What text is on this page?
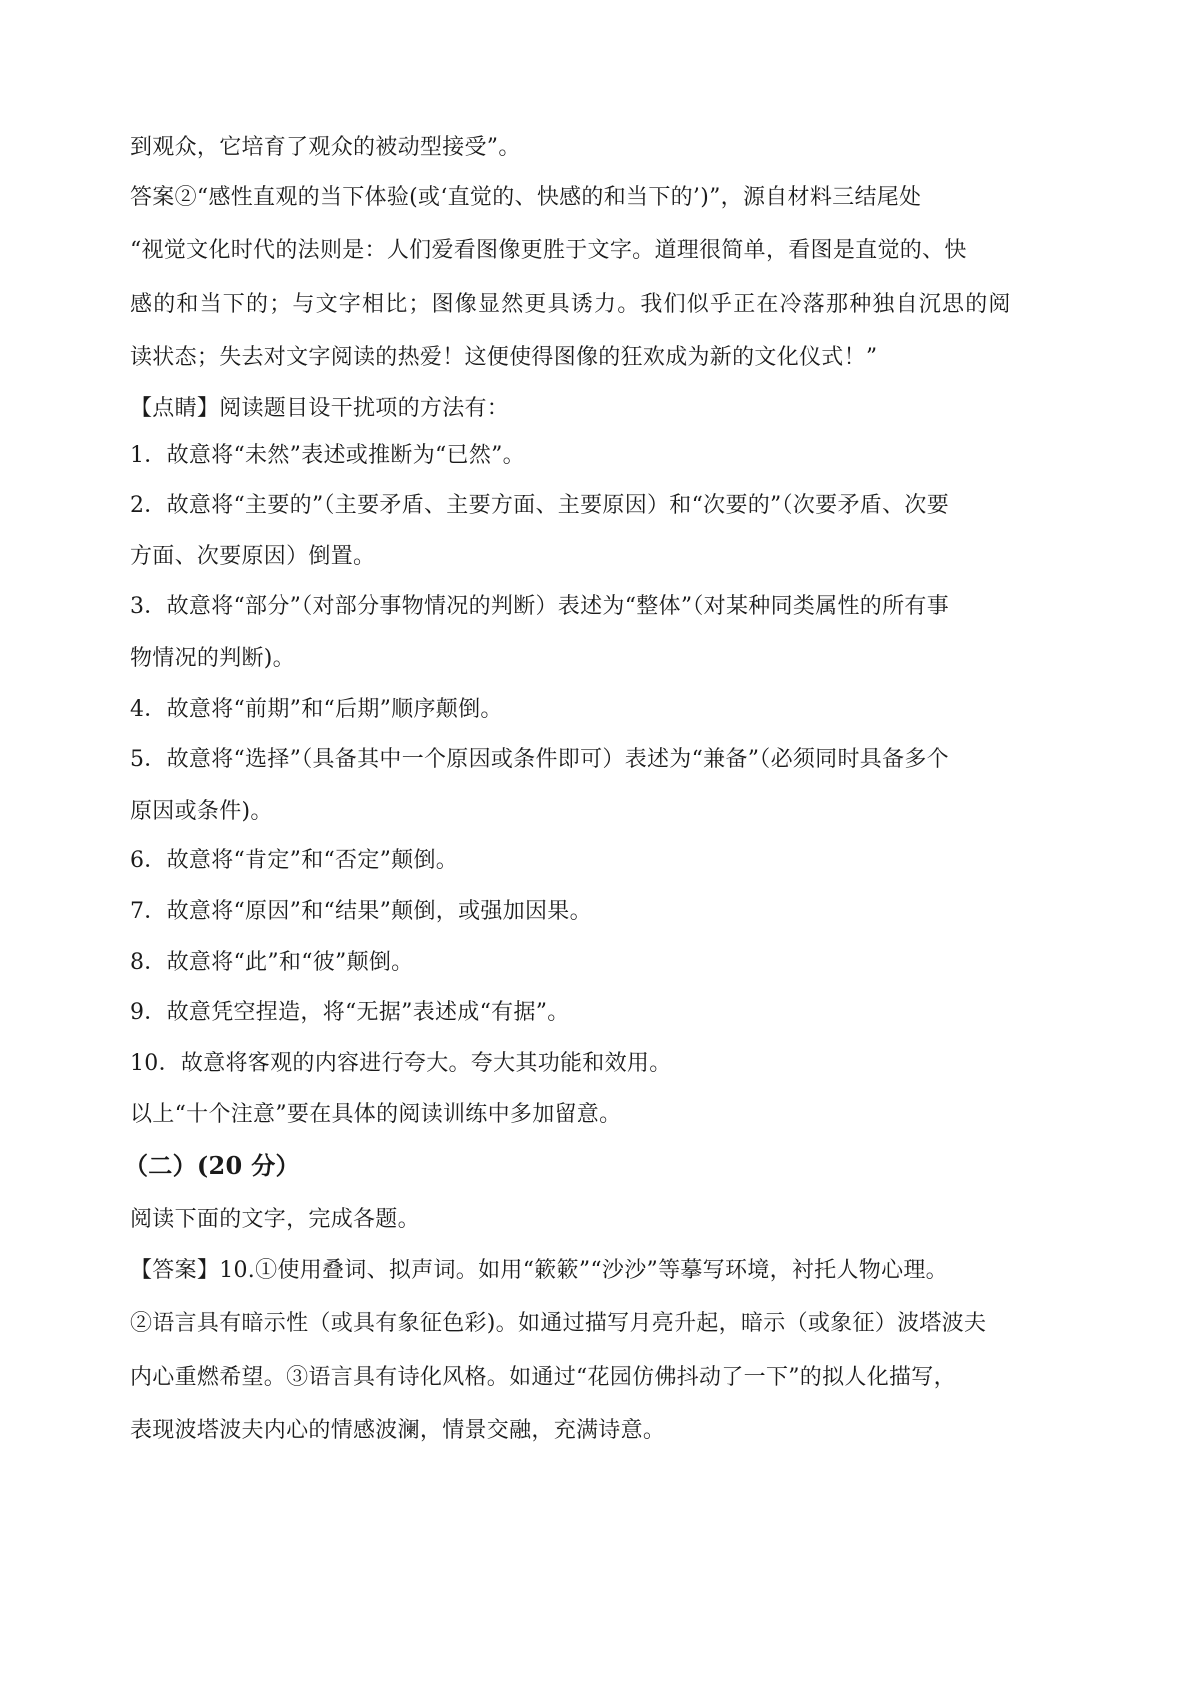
到观众，它培育了观众的被动型接受”。
答案②“感性直观的当下体验(或‘直觉的、快感的和当下的’)”，源自材料三结尾处
“视觉文化时代的法则是：人们爱看图像更胜于文字。道理很简单，看图是直觉的、快
感的和当下的；与文字相比；图像显然更具诱力。我们似乎正在冷落那种独自沉思的阅
读状态；失去对文字阅读的热爱！这便使得图像的狂欢成为新的文化仪式！”
【点睛】阅读题目设干扰项的方法有：
1．故意将“未然”表述或推断为“已然”。
2．故意将“主要的”（主要矛盾、主要方面、主要原因）和“次要的”（次要矛盾、次要
方面、次要原因）倒置。
3．故意将“部分”（对部分事物情况的判断）表述为“整体”（对某种同类属性的所有事
物情况的判断)。
4．故意将“前期”和“后期”顺序颠倒。
5．故意将“选择”（具备其中一个原因或条件即可）表述为“兼备”（必须同时具备多个
原因或条件)。
6．故意将“肯定”和“否定”颠倒。
7．故意将“原因”和“结果”颠倒，或强加因果。
8．故意将“此”和“彼”颠倒。
9．故意凭空捏造，将“无据”表述成“有据”。
10．故意将客观的内容进行夸大。夸大其功能和效用。
以上“十个注意”要在具体的阅读训练中多加留意。
（二）(20 分）
阅读下面的文字，完成各题。
【答案】10.①使用叠词、拟声词。如用“簌簌”“沙沙”等摹写环境，衬托人物心理。
②语言具有暗示性（或具有象征色彩)。如通过描写月亮升起，暗示（或象征）波塔波夫
内心重燃希望。③语言具有诗化风格。如通过“花园仿佛抖动了一下”的拟人化描写，
表现波塔波夫内心的情感波澜，情景交融，充满诗意。
